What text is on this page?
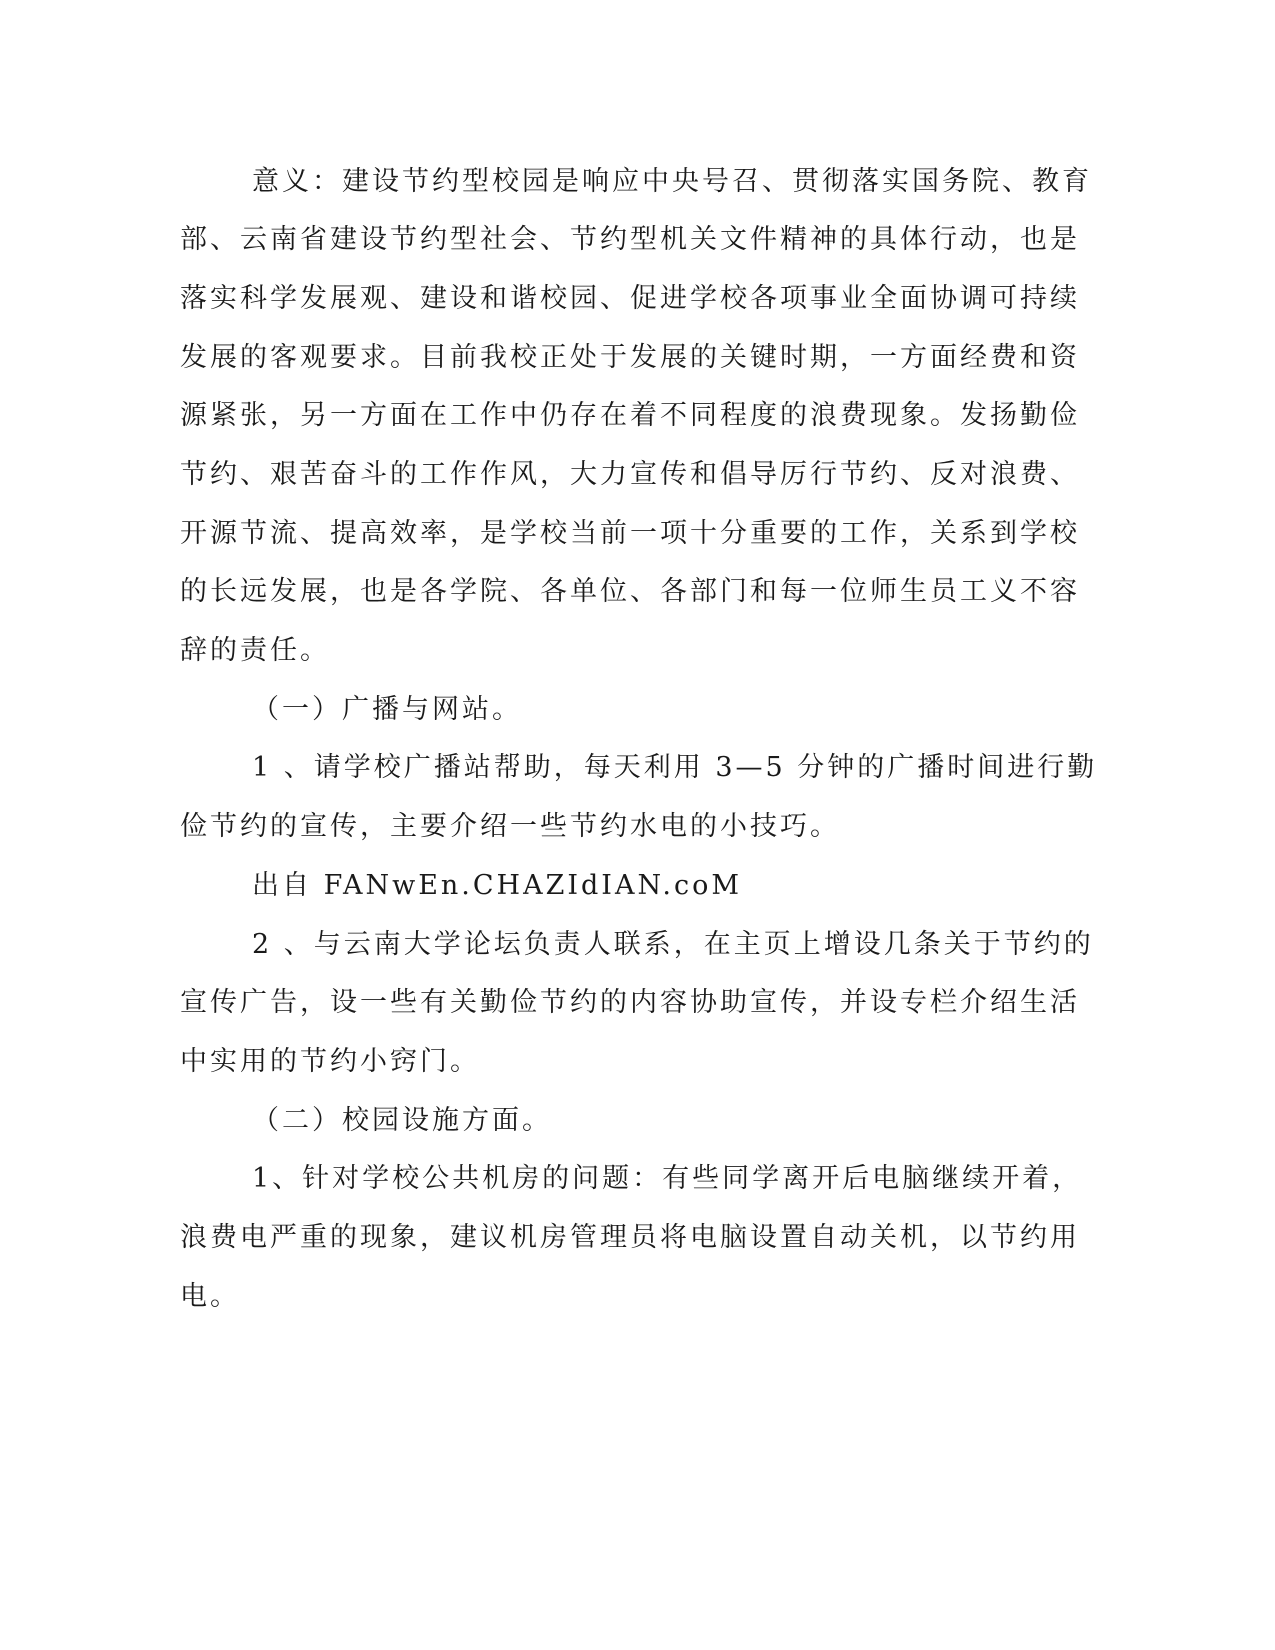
意义：建设节约型校园是响应中央号召、贯彻落实国务院、教育
部、云南省建设节约型社会、节约型机关文件精神的具体行动，也是
落实科学发展观、建设和谐校园、促进学校各项事业全面协调可持续
发展的客观要求。目前我校正处于发展的关键时期，一方面经费和资
源紧张，另一方面在工作中仍存在着不同程度的浪费现象。发扬勤俭
节约、艰苦奋斗的工作作风，大力宣传和倡导厉行节约、反对浪费、
开源节流、提高效率，是学校当前一项十分重要的工作，关系到学校
的长远发展，也是各学院、各单位、各部门和每一位师生员工义不容
辞的责任。
（一）广播与网站。
1 、请学校广播站帮助，每天利用 3—5 分钟的广播时间进行勤
俭节约的宣传，主要介绍一些节约水电的小技巧。
出自 FANwEn.CHAZIdIAN.coM
2 、与云南大学论坛负责人联系，在主页上增设几条关于节约的
宣传广告，设一些有关勤俭节约的内容协助宣传，并设专栏介绍生活
中实用的节约小窍门。
（二）校园设施方面。
1、针对学校公共机房的问题：有些同学离开后电脑继续开着，
浪费电严重的现象，建议机房管理员将电脑设置自动关机，以节约用
电。
